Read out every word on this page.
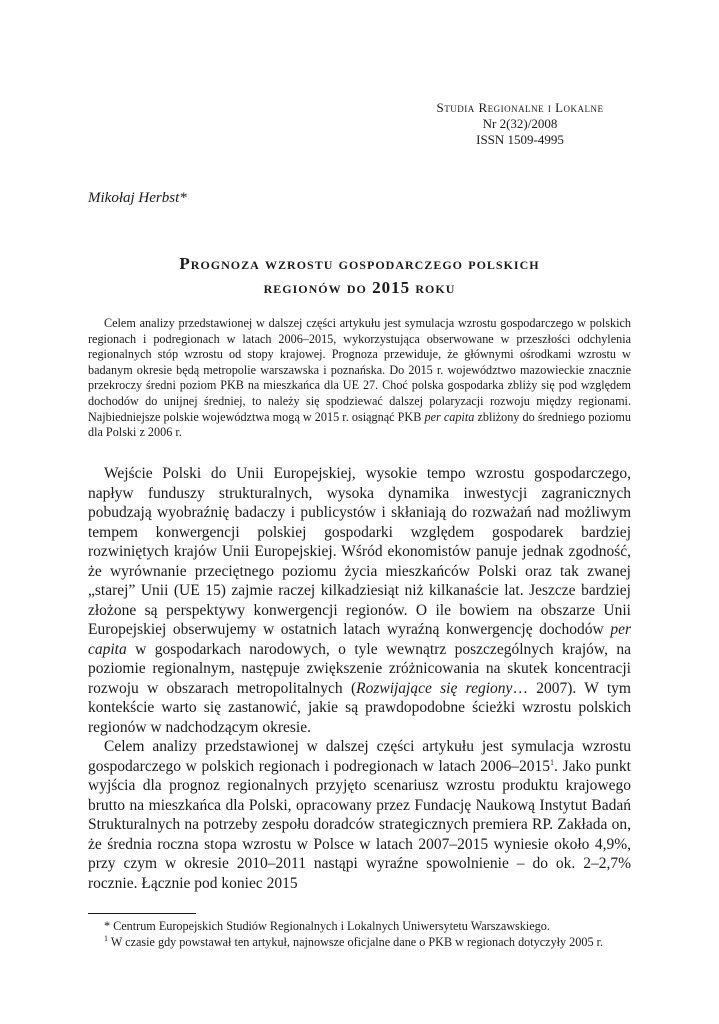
Studia Regionalne i Lokalne
Nr 2(32)/2008
ISSN 1509-4995
Mikołaj Herbst*
Prognoza wzrostu gospodarczego polskich
regionów do 2015 roku

Celem analizy przedstawionej w dalszej części artykułu jest symulacja wzrostu gospodarczego w polskich regionach i podregionach w latach 2006–2015, wykorzystująca obserwowane w przeszłości odchylenia regionalnych stóp wzrostu od stopy krajowej. Prognoza przewiduje, że głównymi ośrodkami wzrostu w badanym okresie będą metropolie warszawska i poznańska. Do 2015 r. województwo mazowieckie znacznie przekroczy średni poziom PKB na mieszkańca dla UE 27. Choć polska gospodarka zbliży się pod względem dochodów do unijnej średniej, to należy się spodziewać dalszej polaryzacji rozwoju między regionami. Najbiedniejsze polskie województwa mogą w 2015 r. osiągnąć PKB per capita zbliżony do średniego poziomu dla Polski z 2006 r.

Wejście Polski do Unii Europejskiej, wysokie tempo wzrostu gospodarczego, napływ funduszy strukturalnych, wysoka dynamika inwestycji zagranicznych pobudzają wyobraźnię badaczy i publicystów i skłaniają do rozważań nad możliwym tempem konwergencji polskiej gospodarki względem gospodarek bardziej rozwiniętych krajów Unii Europejskiej. Wśród ekonomistów panuje jednak zgodność, że wyrównanie przeciętnego poziomu życia mieszkańców Polski oraz tak zwanej „starej” Unii (UE 15) zajmie raczej kilkadziesiąt niż kilkanaście lat. Jeszcze bardziej złożone są perspektywy konwergencji regionów. O ile bowiem na obszarze Unii Europejskiej obserwujemy w ostatnich latach wyraźną konwergencję dochodów per capita w gospodarkach narodowych, o tyle wewnątrz poszczególnych krajów, na poziomie regionalnym, następuje zwiększenie zróżnicowania na skutek koncentracji rozwoju w obszarach metropolitalnych (Rozwijające się regiony… 2007). W tym kontekście warto się zastanowić, jakie są prawdopodobne ścieżki wzrostu polskich regionów w nadchodzącym okresie.

Celem analizy przedstawionej w dalszej części artykułu jest symulacja wzrostu gospodarczego w polskich regionach i podregionach w latach 2006–2015$^1$. Jako punkt wyjścia dla prognoz regionalnych przyjęto scenariusz wzrostu produktu krajowego brutto na mieszkańca dla Polski, opracowany przez Fundację Naukową Instytut Badań Strukturalnych na potrzeby zespołu doradców strategicznych premiera RP. Zakłada on, że średnia roczna stopa wzrostu w Polsce w latach 2007–2015 wyniesie około 4,9%, przy czym w okresie 2010–2011 nastąpi wyraźne spowolnienie – do ok. 2–2,7% rocznie. Łącznie pod koniec 2015

* Centrum Europejskich Studiów Regionalnych i Lokalnych Uniwersytetu Warszawskiego.

$^1$ W czasie gdy powstawał ten artykuł, najnowsze oficjalne dane o PKB w regionach dotyczyły 2005 r.
